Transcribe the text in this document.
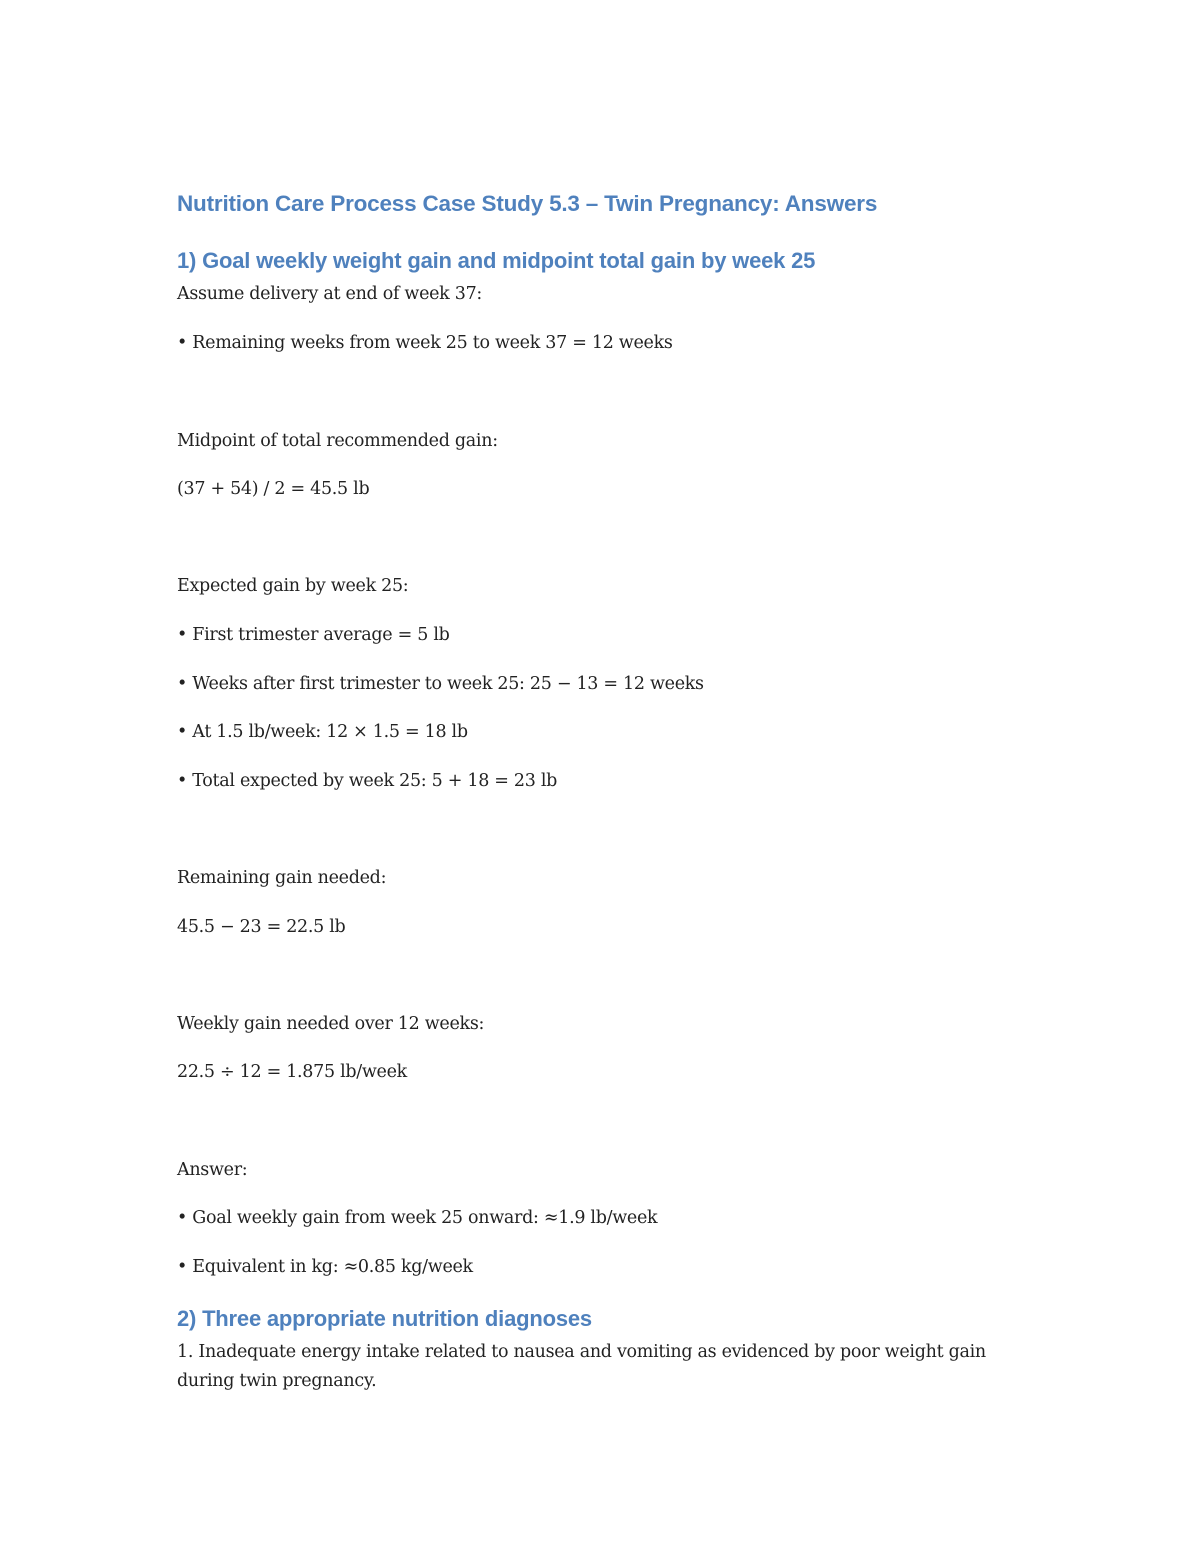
Nutrition Care Process Case Study 5.3 – Twin Pregnancy: Answers
1) Goal weekly weight gain and midpoint total gain by week 25

Assume delivery at end of week 37:

• Remaining weeks from week 25 to week 37 = 12 weeks

Midpoint of total recommended gain:

(37 + 54) / 2 = 45.5 lb

Expected gain by week 25:

• First trimester average = 5 lb

• Weeks after first trimester to week 25: 25 − 13 = 12 weeks

• At 1.5 lb/week: 12 × 1.5 = 18 lb

• Total expected by week 25: 5 + 18 = 23 lb

Remaining gain needed:

45.5 − 23 = 22.5 lb

Weekly gain needed over 12 weeks:

22.5 ÷ 12 = 1.875 lb/week

Answer:

• Goal weekly gain from week 25 onward: ≈1.9 lb/week

• Equivalent in kg: ≈0.85 kg/week

2) Three appropriate nutrition diagnoses

1. Inadequate energy intake related to nausea and vomiting as evidenced by poor weight gain during twin pregnancy.
